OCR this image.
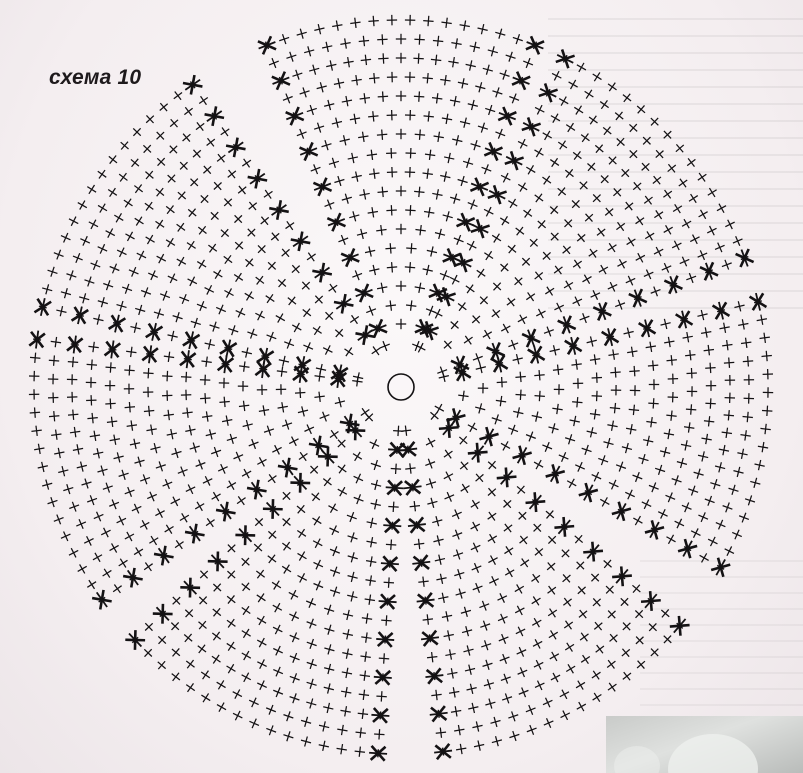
схема 10
